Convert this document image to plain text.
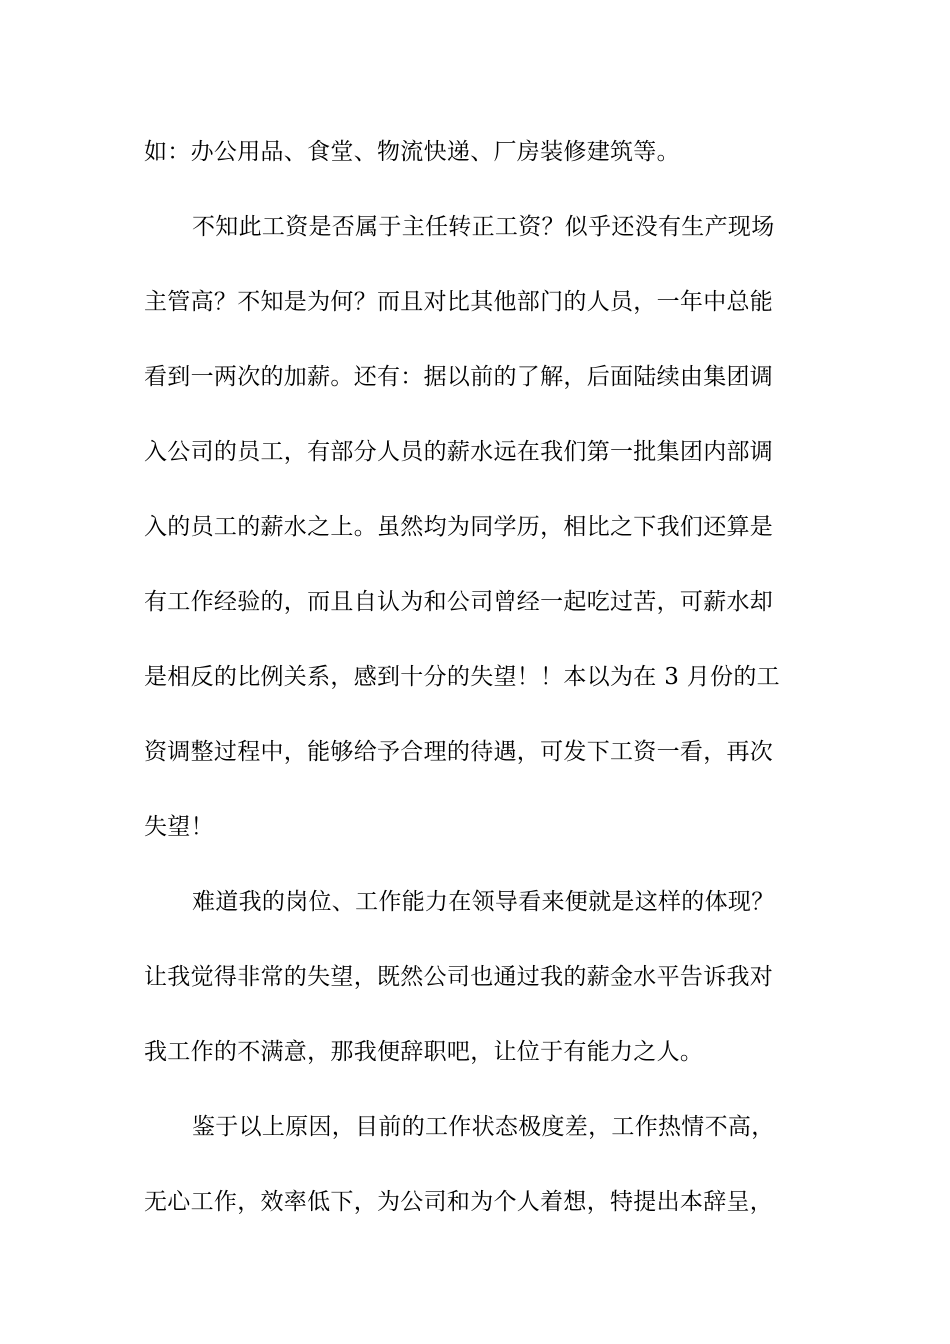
如：办公用品、食堂、物流快递、厂房装修建筑等。
不知此工资是否属于主任转正工资？似乎还没有生产现场
主管高？不知是为何？而且对比其他部门的人员，一年中总能
看到一两次的加薪。还有：据以前的了解，后面陆续由集团调
入公司的员工，有部分人员的薪水远在我们第一批集团内部调
入的员工的薪水之上。虽然均为同学历，相比之下我们还算是
有工作经验的，而且自认为和公司曾经一起吃过苦，可薪水却
是相反的比例关系，感到十分的失望！！本以为在 3 月份的工
资调整过程中，能够给予合理的待遇，可发下工资一看，再次
失望！
难道我的岗位、工作能力在领导看来便就是这样的体现？
让我觉得非常的失望，既然公司也通过我的薪金水平告诉我对
我工作的不满意，那我便辞职吧，让位于有能力之人。
鉴于以上原因，目前的工作状态极度差，工作热情不高，
无心工作，效率低下，为公司和为个人着想，特提出本辞呈，
